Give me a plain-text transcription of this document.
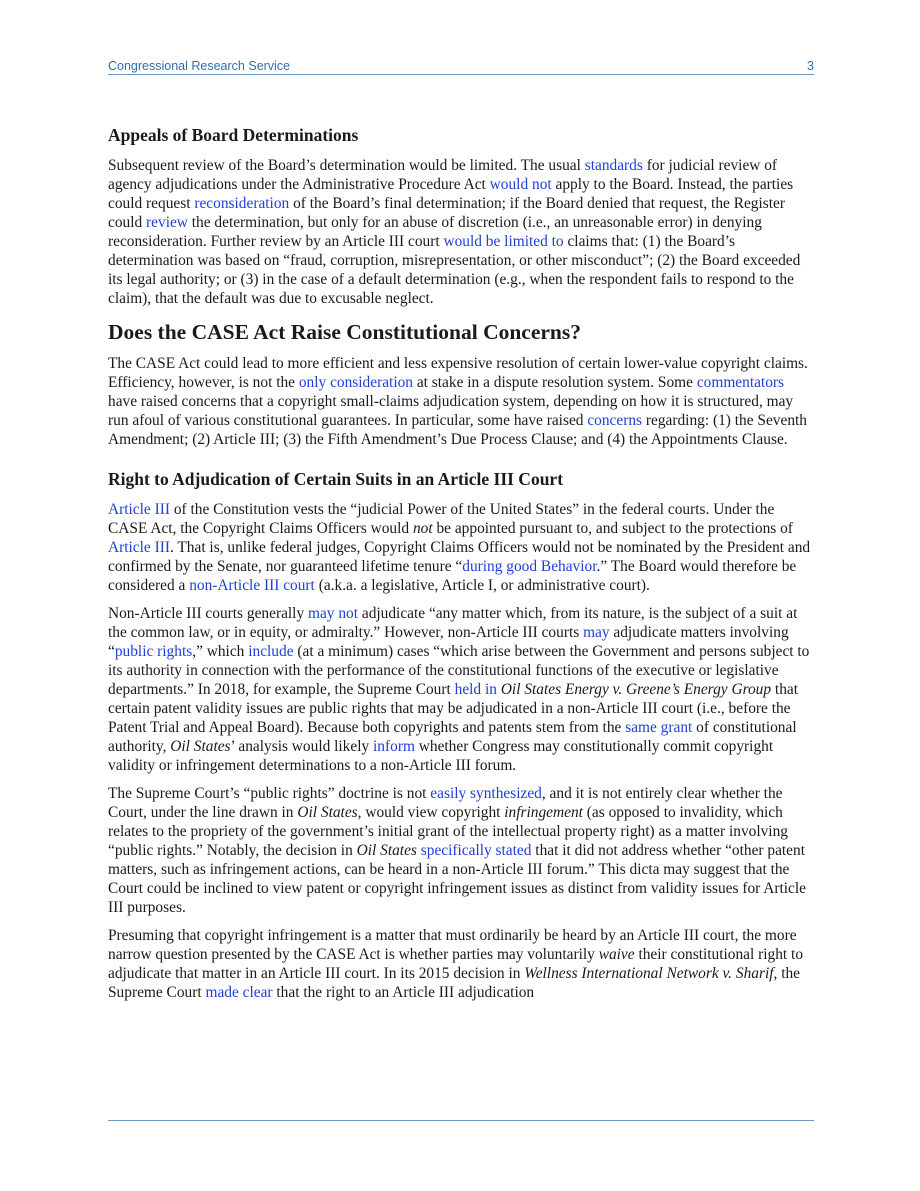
Congressional Research Service	3
Appeals of Board Determinations

Subsequent review of the Board’s determination would be limited. The usual standards for judicial review of agency adjudications under the Administrative Procedure Act would not apply to the Board. Instead, the parties could request reconsideration of the Board’s final determination; if the Board denied that request, the Register could review the determination, but only for an abuse of discretion (i.e., an unreasonable error) in denying reconsideration. Further review by an Article III court would be limited to claims that: (1) the Board’s determination was based on “fraud, corruption, misrepresentation, or other misconduct”; (2) the Board exceeded its legal authority; or (3) in the case of a default determination (e.g., when the respondent fails to respond to the claim), that the default was due to excusable neglect.

Does the CASE Act Raise Constitutional Concerns?

The CASE Act could lead to more efficient and less expensive resolution of certain lower-value copyright claims. Efficiency, however, is not the only consideration at stake in a dispute resolution system. Some commentators have raised concerns that a copyright small-claims adjudication system, depending on how it is structured, may run afoul of various constitutional guarantees. In particular, some have raised concerns regarding: (1) the Seventh Amendment; (2) Article III; (3) the Fifth Amendment’s Due Process Clause; and (4) the Appointments Clause.

Right to Adjudication of Certain Suits in an Article III Court

Article III of the Constitution vests the “judicial Power of the United States” in the federal courts. Under the CASE Act, the Copyright Claims Officers would not be appointed pursuant to, and subject to the protections of Article III. That is, unlike federal judges, Copyright Claims Officers would not be nominated by the President and confirmed by the Senate, nor guaranteed lifetime tenure “during good Behavior.” The Board would therefore be considered a non-Article III court (a.k.a. a legislative, Article I, or administrative court).

Non-Article III courts generally may not adjudicate “any matter which, from its nature, is the subject of a suit at the common law, or in equity, or admiralty.” However, non-Article III courts may adjudicate matters involving “public rights,” which include (at a minimum) cases “which arise between the Government and persons subject to its authority in connection with the performance of the constitutional functions of the executive or legislative departments.” In 2018, for example, the Supreme Court held in Oil States Energy v. Greene’s Energy Group that certain patent validity issues are public rights that may be adjudicated in a non-Article III court (i.e., before the Patent Trial and Appeal Board). Because both copyrights and patents stem from the same grant of constitutional authority, Oil States’ analysis would likely inform whether Congress may constitutionally commit copyright validity or infringement determinations to a non-Article III forum.

The Supreme Court’s “public rights” doctrine is not easily synthesized, and it is not entirely clear whether the Court, under the line drawn in Oil States, would view copyright infringement (as opposed to invalidity, which relates to the propriety of the government’s initial grant of the intellectual property right) as a matter involving “public rights.” Notably, the decision in Oil States specifically stated that it did not address whether “other patent matters, such as infringement actions, can be heard in a non-Article III forum.” This dicta may suggest that the Court could be inclined to view patent or copyright infringement issues as distinct from validity issues for Article III purposes.

Presuming that copyright infringement is a matter that must ordinarily be heard by an Article III court, the more narrow question presented by the CASE Act is whether parties may voluntarily waive their constitutional right to adjudicate that matter in an Article III court. In its 2015 decision in Wellness International Network v. Sharif, the Supreme Court made clear that the right to an Article III adjudication
